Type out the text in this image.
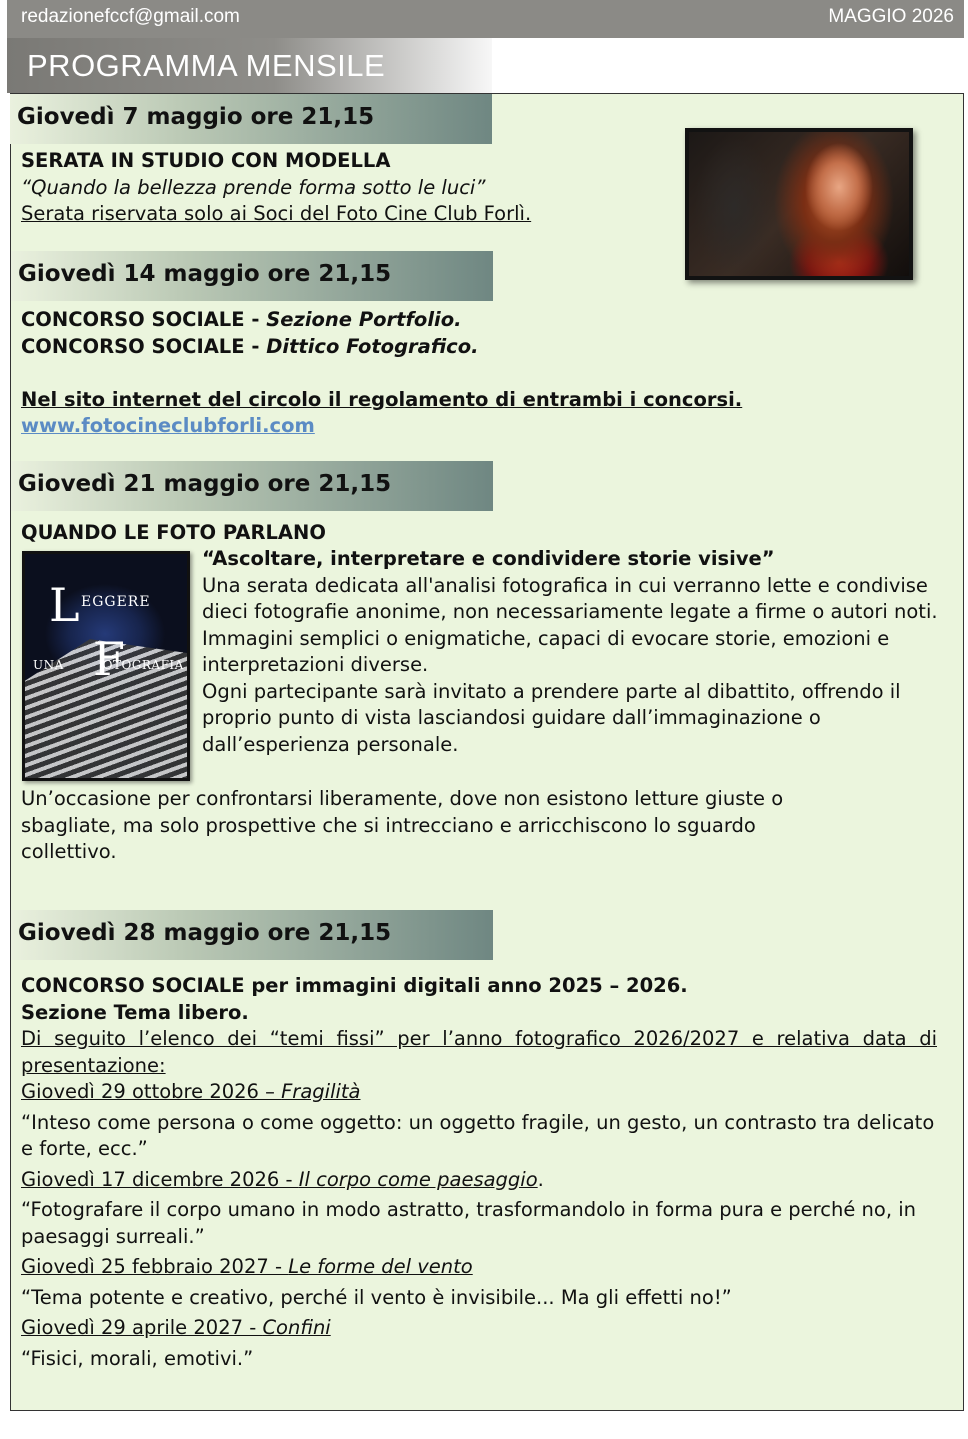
redazionefccf@gmail.com	MAGGIO 2026
PROGRAMMA MENSILE
Giovedì 7 maggio ore 21,15

SERATA IN STUDIO CON MODELLA

“Quando la bellezza prende forma sotto le luci”

Serata riservata solo ai Soci del Foto Cine Club Forlì.

Giovedì 14 maggio ore 21,15

CONCORSO SOCIALE - Sezione Portfolio.

CONCORSO SOCIALE - Dittico Fotografico.

Nel sito internet del circolo il regolamento di entrambi i concorsi.

www.fotocineclubforli.com

Giovedì 21 maggio ore 21,15

QUANDO LE FOTO PARLANO

L EGGERE
F
UNA	OTOGRAFIA

“Ascoltare, interpretare e condividere storie visive”

Una serata dedicata all'analisi fotografica in cui verranno lette e condivise dieci fotografie anonime, non necessariamente legate a firme o autori noti.

Immagini semplici o enigmatiche, capaci di evocare storie, emozioni e interpretazioni diverse.

Ogni partecipante sarà invitato a prendere parte al dibattito, offrendo il proprio punto di vista lasciandosi guidare dall’immaginazione o dall’esperienza personale.

Un’occasione per confrontarsi liberamente, dove non esistono letture giuste o sbagliate, ma solo prospettive che si intrecciano e arricchiscono lo sguardo collettivo.

Giovedì 28 maggio ore 21,15

CONCORSO SOCIALE per immagini digitali anno 2025 – 2026.

Sezione Tema libero.

Di seguito l’elenco dei “temi fissi” per l’anno fotografico 2026/2027 e relativa data di presentazione:

Giovedì 29 ottobre 2026 – Fragilità

“Inteso come persona o come oggetto: un oggetto fragile, un gesto, un contrasto tra delicato e forte, ecc.”

Giovedì 17 dicembre 2026 - Il corpo come paesaggio.

“Fotografare il corpo umano in modo astratto, trasformandolo in forma pura e perché no, in paesaggi surreali.”

Giovedì 25 febbraio 2027 - Le forme del vento

“Tema potente e creativo, perché il vento è invisibile... Ma gli effetti no!”

Giovedì 29 aprile 2027 - Confini

“Fisici, morali, emotivi.”
